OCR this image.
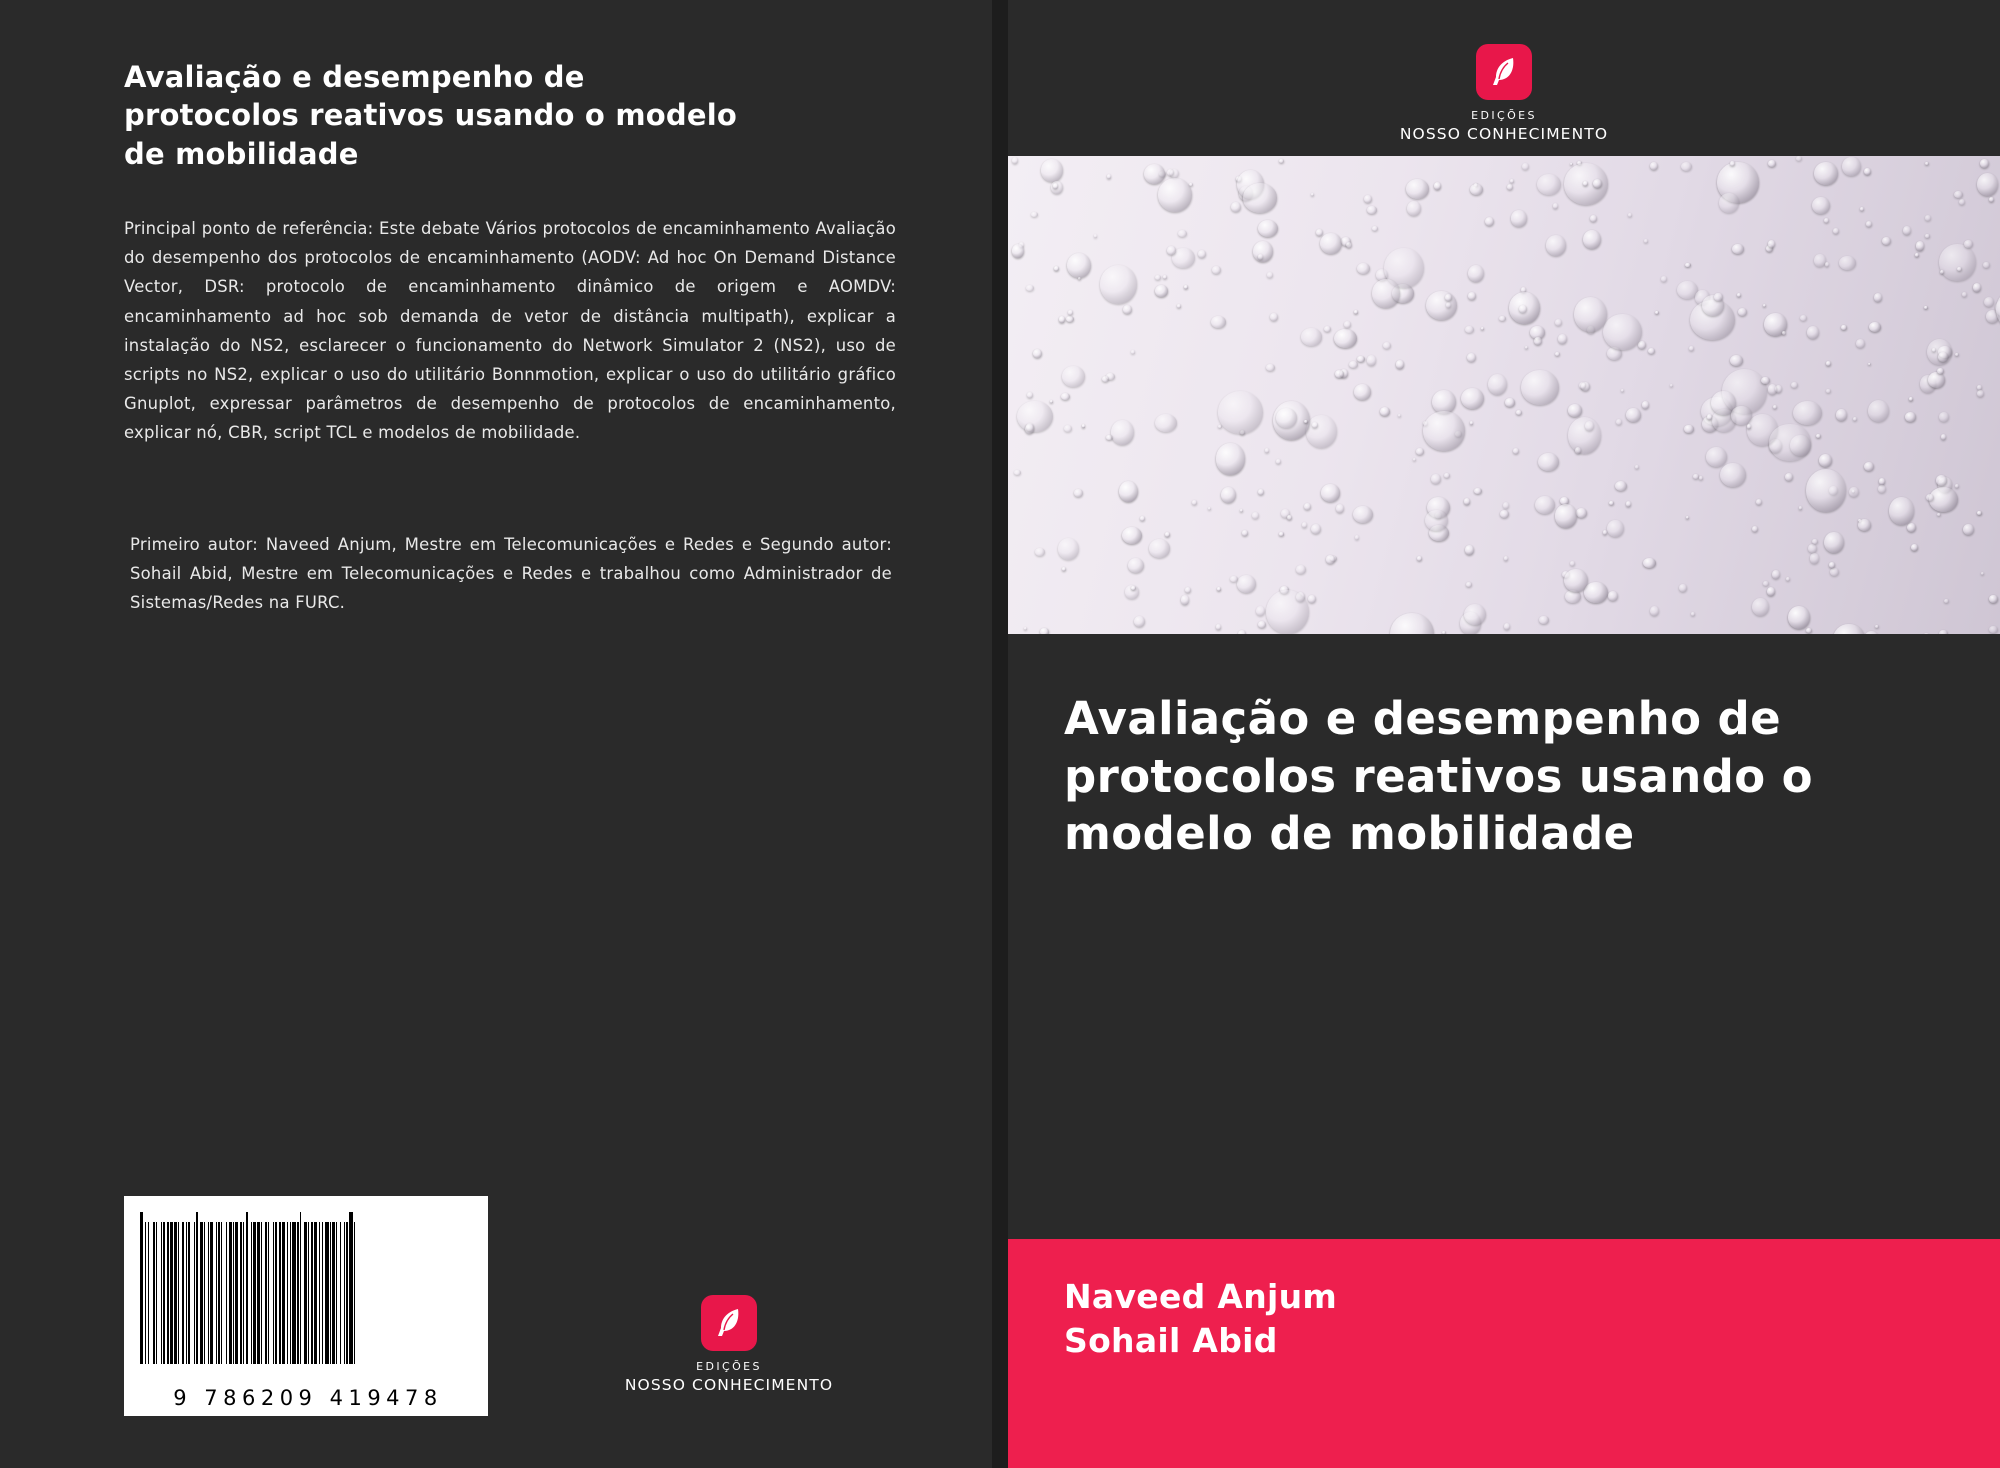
Avaliação e desempenho de protocolos reativos usando o modelo de mobilidade
Principal ponto de referência: Este debate Vários protocolos de encaminhamento Avaliação do desempenho dos protocolos de encaminhamento (AODV: Ad hoc On Demand Distance Vector, DSR: protocolo de encaminhamento dinâmico de origem e AOMDV: encaminhamento ad hoc sob demanda de vetor de distância multipath), explicar a instalação do NS2, esclarecer o funcionamento do Network Simulator 2 (NS2), uso de scripts no NS2, explicar o uso do utilitário Bonnmotion, explicar o uso do utilitário gráfico Gnuplot, expressar parâmetros de desempenho de protocolos de encaminhamento, explicar nó, CBR, script TCL e modelos de mobilidade.
Primeiro autor: Naveed Anjum, Mestre em Telecomunicações e Redes e Segundo autor: Sohail Abid, Mestre em Telecomunicações e Redes e trabalhou como Administrador de Sistemas/Redes na FURC.
9 786209 419478
EDIÇÕES
NOSSO CONHECIMENTO
EDIÇÕES
NOSSO CONHECIMENTO
Avaliação e desempenho de protocolos reativos usando o modelo de mobilidade
Naveed Anjum
Sohail Abid
